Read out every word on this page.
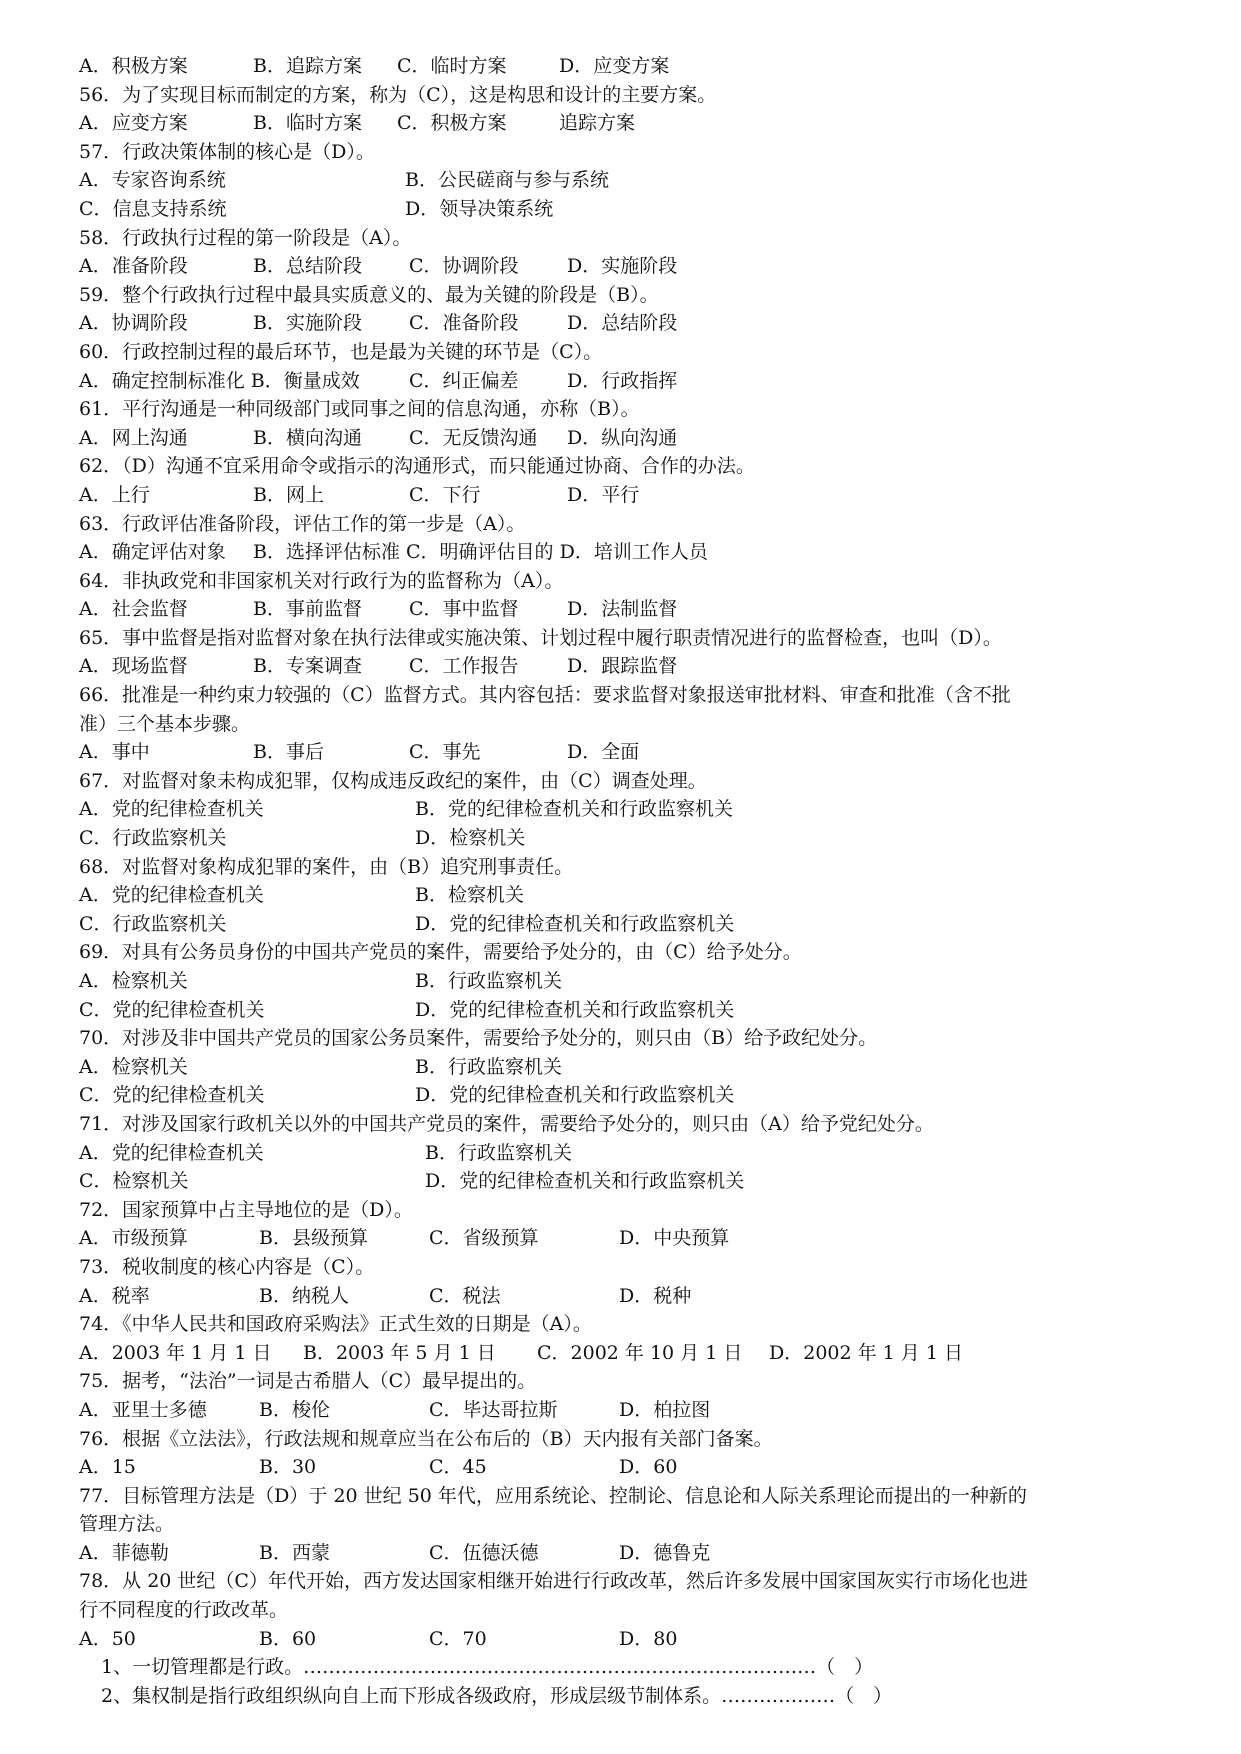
A．积极方案	B．追踪方案 C．临时方案	D．应变方案
56．为了实现目标而制定的方案，称为（C），这是构思和设计的主要方案。
A．应变方案	B．临时方案 C．积极方案	追踪方案
57．行政决策体制的核心是（D）。
A．专家咨询系统	B．公民磋商与参与系统
C．信息支持系统	D．领导决策系统
58．行政执行过程的第一阶段是（A）。
A．准备阶段	B．总结阶段 C．协调阶段	D．实施阶段
59．整个行政执行过程中最具实质意义的、最为关键的阶段是（B）。
A．协调阶段	B．实施阶段 C．准备阶段	D．总结阶段
60．行政控制过程的最后环节，也是最为关键的环节是（C）。
A．确定控制标准化 B．衡量成效	C．纠正偏差	D．行政指挥
61．平行沟通是一种同级部门或同事之间的信息沟通，亦称（B）。
A．网上沟通	B．横向沟通 C．无反馈沟通 D．纵向沟通
62．（D）沟通不宜采用命令或指示的沟通形式，而只能通过协商、合作的办法。
A．上行	B．网上	C．下行	D．平行
63．行政评估准备阶段，评估工作的第一步是（A）。
A．确定评估对象 B．选择评估标准 C．明确评估目的 D．培训工作人员
64．非执政党和非国家机关对行政行为的监督称为（A）。
A．社会监督	B．事前监督 C．事中监督	D．法制监督
65．事中监督是指对监督对象在执行法律或实施决策、计划过程中履行职责情况进行的监督检查，也叫（D）。
A．现场监督	B．专案调查 C．工作报告	D．跟踪监督
66．批准是一种约束力较强的（C）监督方式。其内容包括：要求监督对象报送审批材料、审查和批准（含不批
准）三个基本步骤。
A．事中	B．事后	C．事先	D．全面
67．对监督对象未构成犯罪，仅构成违反政纪的案件，由（C）调查处理。
A．党的纪律检查机关	B．党的纪律检查机关和行政监察机关
C．行政监察机关	D．检察机关
68．对监督对象构成犯罪的案件，由（B）追究刑事责任。
A．党的纪律检查机关	B．检察机关
C．行政监察机关	D．党的纪律检查机关和行政监察机关
69．对具有公务员身份的中国共产党员的案件，需要给予处分的，由（C）给予处分。
A．检察机关	B．行政监察机关
C．党的纪律检查机关	D．党的纪律检查机关和行政监察机关
70．对涉及非中国共产党员的国家公务员案件，需要给予处分的，则只由（B）给予政纪处分。
A．检察机关	B．行政监察机关
C．党的纪律检查机关	D．党的纪律检查机关和行政监察机关
71．对涉及国家行政机关以外的中国共产党员的案件，需要给予处分的，则只由（A）给予党纪处分。
A．党的纪律检查机关	B．行政监察机关
C．检察机关	D．党的纪律检查机关和行政监察机关
72．国家预算中占主导地位的是（D）。
A．市级预算	B．县级预算	C．省级预算	D．中央预算
73．税收制度的核心内容是（C）。
A．税率	B．纳税人	C．税法	D．税种
74．《中华人民共和国政府采购法》正式生效的日期是（A）。
A．2003 年 1 月 1 日 B．2003 年 5 月 1 日 C．2002 年 10 月 1 日 D．2002 年 1 月 1 日
75．据考，“法治”一词是古希腊人（C）最早提出的。
A．亚里士多德	B．梭伦	C．毕达哥拉斯	D．柏拉图
76．根据《立法法》，行政法规和规章应当在公布后的（B）天内报有关部门备案。
A．15	B．30	C．45	D．60
77．目标管理方法是（D）于 20 世纪 50 年代，应用系统论、控制论、信息论和人际关系理论而提出的一种新的
管理方法。
A．菲德勒	B．西蒙	C．伍德沃德	D．德鲁克
78．从 20 世纪（C）年代开始，西方发达国家相继开始进行行政改革，然后许多发展中国家国灰实行市场化也进
行不同程度的行政改革。
A．50	B．60	C．70	D．80
1、一切管理都是行政。………………………………………………………………………（　）
2、集权制是指行政组织纵向自上而下形成各级政府，形成层级节制体系。………………（　）
